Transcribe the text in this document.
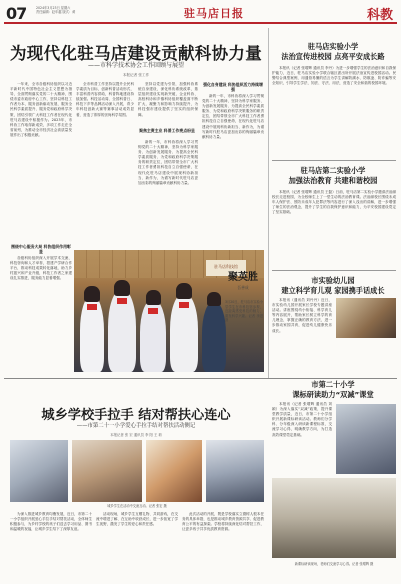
07	2024年3月23日 星期六
责任编辑：赵年越 版式：黄	驻马店日报	科教
为现代化驻马店建设贡献科协力量
——市科学技术协会工作回顾与展望
本报记者 张工作

一年来，全市各级科协组织以习近平新时代中国特色社会主义思想为指导，全面贯彻落实党的二十大精神，围绕市委市政府中心工作，坚持以科技工作者为本，服务创新驱动发展、服务全民科学素质提升、服务党和政府科学决策，团结引领广大科技工作者在现代化驻马店建设中积极作为。2023年，市科协工作取得新成效，多项工作走在全省前列，为推动全市经济社会高质量发展作出了积极贡献。

围绕中心服务大局 科协组织作用彰显

各级科协组织深入开展学术交流、科技咨询和人才举荐，搭建产学研合作平台，推动科技成果转化落地，助力乡村振兴和产业升级，科技工作者之家建设扎实推进，服务能力显著增强。

全市科普工作坚持以提升全民科学素质为目标，创新科普活动形式，丰富科普内容供给，科普阵地建设持续加强。科技活动周、全国科普日、科技下乡等品牌活动深入开展，青少年科技创新大赛等赛事活动成效显著，营造了浓厚的崇尚科学氛围。

聚焦主责主业 科普工作亮点纷呈

坚持以党建为引领，加强科协系统自身建设，深化科协系统改革，基层组织建设实现新突破，企业科协、高校科协和乡镇科协组织覆盖面不断扩大，凝聚力和影响力持续提升，为科技强市建设提供了坚实的组织保障。

新的一年，市科协将深入学习贯彻党的二十大精神，坚持为科学家服务、为创新发展服务、为提高全民科学素质服务、为党和政府科学决策服务的职责定位，团结带领全市广大科技工作者勇担科技自立自强使命，在现代化驻马店建设中展现科协新担当、新作为，为谱写新时代驻马店更加出彩的绚丽篇章贡献科协力量。

强化自身建设 科协组织活力持续增强

新的一年，市科协将深入学习贯彻党的二十大精神，坚持为科学家服务、为创新发展服务、为提高全民科学素质服务、为党和政府科学决策服务的职责定位，团结带领全市广大科技工作者勇担科技自立自强使命，在现代化驻马店建设中展现科协新担当、新作为，为谱写新时代驻马店更加出彩的绚丽篇章贡献科协力量。

驻马店科技馆
聚英胜
吾善成
3月20日，驻马店市实验小学学生在市科技馆参观，近距离感受科技的魅力，激发科学兴趣。记者 李进 摄
驻马店实验小学
法治宣传进校园 点亮平安成长路

本报讯（记者 张增辉 通讯员 李丹）为进一步增强学生的法治意识和自我保护能力，近日，驻马店实验小学联合辖区派出所开展法治宣传进校园活动。民警结合典型案例，用通俗易懂的语言为学生讲解防溺水、防欺凌、防诈骗等安全知识，引导学生学法、知法、守法、用法，营造了安全和谐的校园环境。

驻马店第二实验小学
加强法治教育 共建和谐校园

本报讯（记者 张增辉 通讯员 王磊）日前，驻马店第二实验小学邀请法治副校长走进校园，为全校师生上了一堂生动的法治教育课。法治副校长围绕未成年人保护法、预防未成年人犯罪法等内容进行了深入浅出的讲解，进一步增强了师生的法治观念，提升了学生的自我保护意识和能力，为平安校园建设奠定了坚实基础。

市实验幼儿园
建立科学育儿观 家园携手话成长

本报讯（通讯员 刘丹丹）近日，市实验幼儿园开展家长学校专题讲座活动。讲座围绕幼小衔接、科学育儿等内容展开，帮助家长树立科学的育儿理念，掌握正确的教育方法，进一步推动家园共育，促进幼儿健康快乐成长。

市第二十小学
课标研读助力“双减”课堂

本报讯（记者 张增辉 通讯员 刘颖）为深入落实“双减”政策，提升课堂教学质量，近日，市第二十小学组织开展新课标研读活动。教师们分学科、分年级深入研读新课程标准，交流学习心得，明确教学方向，为打造高效课堂奠定基础。

新课标研读现场，老师们交流学习心得。记者 张增辉 摄
城乡学校手拉手 结对帮扶心连心
——市第二十一小学爱心手拉手结对帮扶活动侧记
本报记者 张 宏 通讯员 李 阳 王 莉
城乡学生在活动中交流互动。记者 张宏 摄

为深入推进城乡教育均衡发展，近日，市第二十一小学组织开展爱心手拉手结对帮扶活动，全体师生积极参与，为乡村学校的孩子们送去学习用品、图书和温暖的祝福，让城乡学生结下了深厚友谊。

活动现场，城乡学生互赠礼物、共同游戏，在交流中增进了解、在互助中收获成长，进一步拓宽了学生视野，激发了学生的爱心和责任感。

此次活动的开展，既是学校落实立德树人根本任务的具体举措，也是推动城乡教育资源共享、促进教育公平的有益探索。学校将持续深化结对帮扶工作，让更多孩子共享优质教育资源。
